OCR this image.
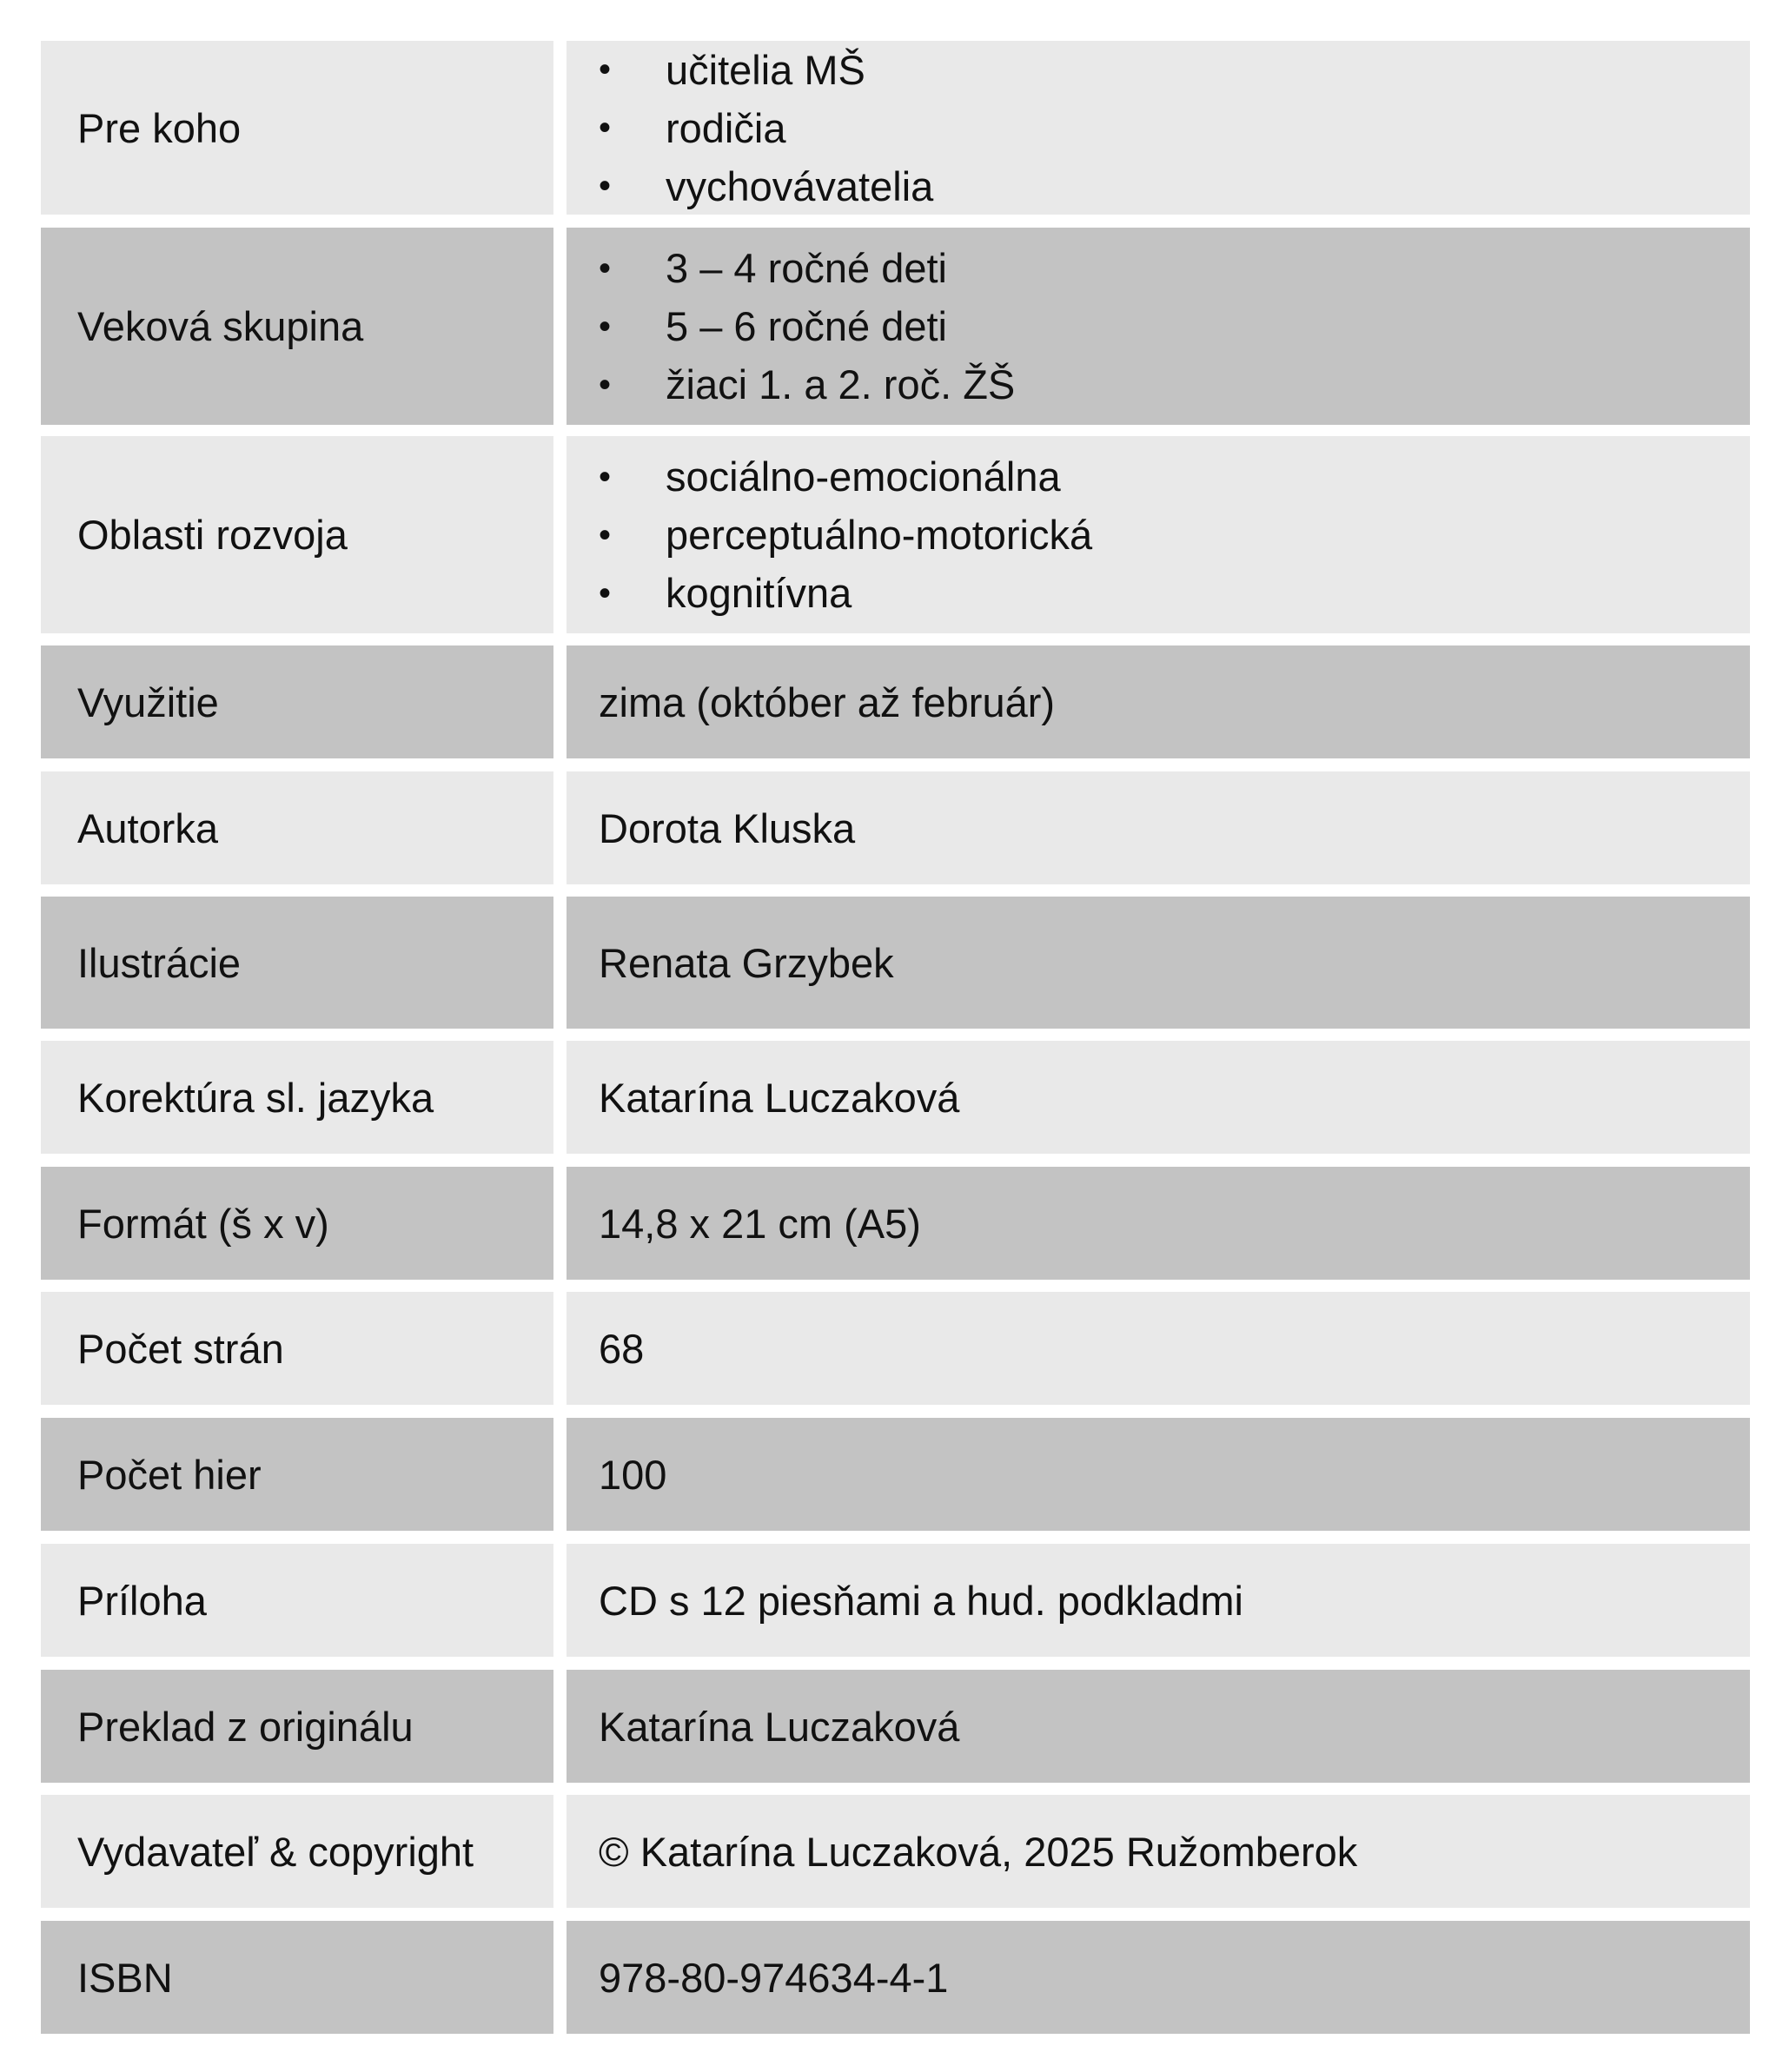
Pre koho
•	učitelia MŠ
•	rodičia
•	vychovávatelia
Veková skupina
•	3 – 4 ročné deti
•	5 – 6 ročné deti
•	žiaci 1. a 2. roč. ŽŠ
Oblasti rozvoja
•	sociálno-emocionálna
•	perceptuálno-motorická
•	kognitívna
Využitie	zima (október až február)
Autorka	Dorota Kluska
Ilustrácie	Renata Grzybek
Korektúra sl. jazyka	Katarína Luczaková
Formát (š x v)	14,8 x 21 cm (A5)
Počet strán	68
Počet hier	100
Príloha	CD s 12 piesňami a hud. podkladmi
Preklad z originálu	Katarína Luczaková
Vydavateľ & copyright	© Katarína Luczaková, 2025 Ružomberok
ISBN	978-80-974634-4-1
